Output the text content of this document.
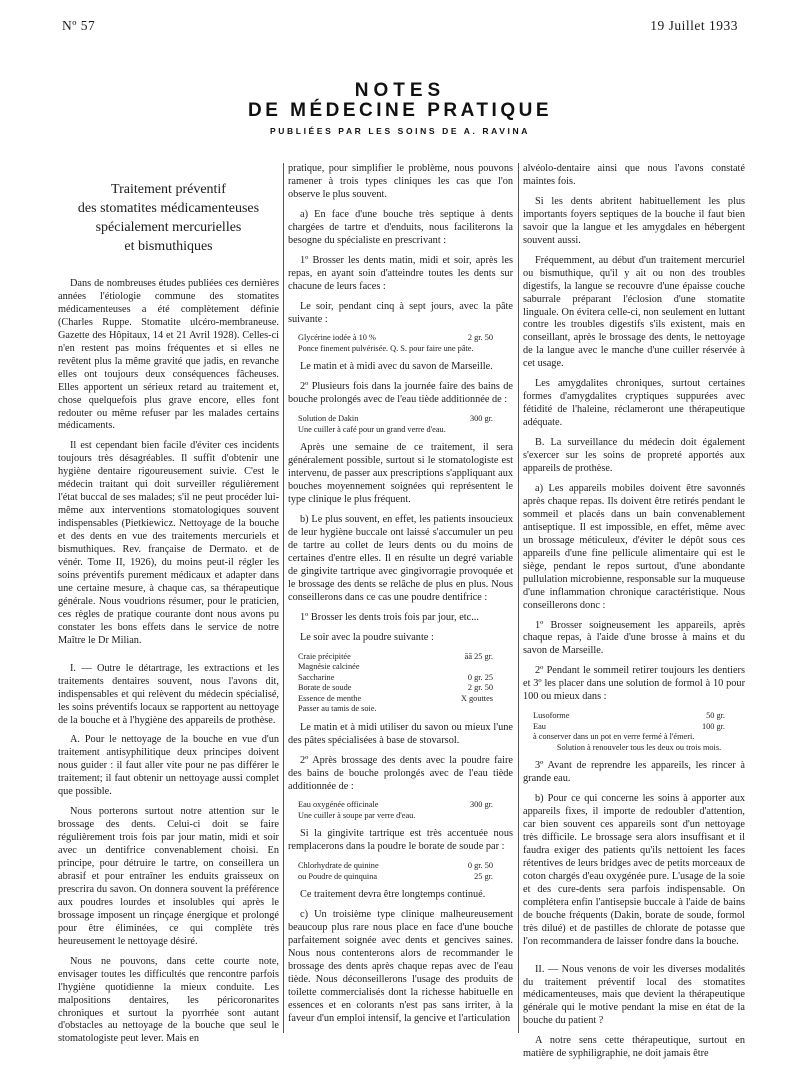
Nº 57	19 Juillet 1933
NOTES
DE MÉDECINE PRATIQUE
PUBLIÉES PAR LES SOINS DE A. RAVINA
Traitement préventif
des stomatites médicamenteuses
spécialement mercurielles
et bismuthiques

Dans de nombreuses études publiées ces dernières années l'étiologie commune des stomatites médicamenteuses a été complètement définie (Charles Ruppe. Stomatite ulcéro-membraneuse. Gazette des Hôpitaux, 14 et 21 Avril 1928). Celles-ci n'en restent pas moins fréquentes et si elles ne revêtent plus la même gravité que jadis, en revanche elles ont toujours deux conséquences fâcheuses. Elles apportent un sérieux retard au traitement et, chose quelquefois plus grave encore, elles font redouter ou même refuser par les malades certains médicaments.

Il est cependant bien facile d'éviter ces incidents toujours très désagréables. Il suffit d'obtenir une hygiène dentaire rigoureusement suivie. C'est le médecin traitant qui doit surveiller régulièrement l'état buccal de ses malades; s'il ne peut procéder lui-même aux interventions stomatologiques souvent indispensables (Pietkiewicz. Nettoyage de la bouche et des dents en vue des traitements mercuriels et bismuthiques. Rev. française de Dermato. et de vénér. Tome II, 1926), du moins peut-il régler les soins préventifs purement médicaux et adapter dans une certaine mesure, à chaque cas, sa thérapeutique générale. Nous voudrions résumer, pour le praticien, ces règles de pratique courante dont nous avons pu constater les bons effets dans le service de notre Maître le Dr Milian.

I. — Outre le détartrage, les extractions et les traitements dentaires souvent, nous l'avons dit, indispensables et qui relèvent du médecin spécialisé, les soins préventifs locaux se rapportent au nettoyage de la bouche et à l'hygiène des appareils de prothèse.

A. Pour le nettoyage de la bouche en vue d'un traitement antisyphilitique deux principes doivent nous guider : il faut aller vite pour ne pas différer le traitement; il faut obtenir un nettoyage aussi complet que possible.

Nous porterons surtout notre attention sur le brossage des dents. Celui-ci doit se faire régulièrement trois fois par jour matin, midi et soir avec un dentifrice convenablement choisi. En principe, pour détruire le tartre, on conseillera un abrasif et pour entraîner les enduits graisseux on prescrira du savon. On donnera souvent la préférence aux poudres lourdes et insolubles qui après le brossage imposent un rinçage énergique et prolongé pour être éliminées, ce qui complète très heureusement le nettoyage désiré.

Nous ne pouvons, dans cette courte note, envisager toutes les difficultés que rencontre parfois l'hygiène quotidienne la mieux conduite. Les malpositions dentaires, les péricoronarites chroniques et surtout la pyorrhée sont autant d'obstacles au nettoyage de la bouche que seul le stomatologiste peut lever. Mais en

pratique, pour simplifier le problème, nous pouvons ramener à trois types cliniques les cas que l'on observe le plus souvent.

a) En face d'une bouche très septique à dents chargées de tartre et d'enduits, nous faciliterons la besogne du spécialiste en prescrivant :

1º Brosser les dents matin, midi et soir, après les repas, en ayant soin d'atteindre toutes les dents sur chacune de leurs faces :

Le soir, pendant cinq à sept jours, avec la pâte suivante :

Glycérine iodée à 10 %	2 gr. 50
Ponce finement pulvérisée. Q. S. pour faire une pâte.

Le matin et à midi avec du savon de Marseille.

2º Plusieurs fois dans la journée faire des bains de bouche prolongés avec de l'eau tiède additionnée de :

Solution de Dakin	300 gr.
Une cuiller à café pour un grand verre d'eau.

Après une semaine de ce traitement, il sera généralement possible, surtout si le stomatologiste est intervenu, de passer aux prescriptions s'appliquant aux bouches moyennement soignées qui représentent le type clinique le plus fréquent.

b) Le plus souvent, en effet, les patients insoucieux de leur hygiène buccale ont laissé s'accumuler un peu de tartre au collet de leurs dents ou du moins de certaines d'entre elles. Il en résulte un degré variable de gingivite tartrique avec gingivorragie provoquée et le brossage des dents se relâche de plus en plus. Nous conseillerons dans ce cas une poudre dentifrice :

1º Brosser les dents trois fois par jour, etc...

Le soir avec la poudre suivante :

Craie précipitée	āā 25 gr.
Magnésie calcinée
Saccharine	0 gr. 25
Borate de soude	2 gr. 50
Essence de menthe	X gouttes
Passer au tamis de soie.

Le matin et à midi utiliser du savon ou mieux l'une des pâtes spécialisées à base de stovarsol.

2º Après brossage des dents avec la poudre faire des bains de bouche prolongés avec de l'eau tiède additionnée de :

Eau oxygénée officinale	300 gr.
Une cuiller à soupe par verre d'eau.

Si la gingivite tartrique est très accentuée nous remplacerons dans la poudre le borate de soude par :

Chlorhydrate de quinine	0 gr. 50
ou Poudre de quinquina	25 gr.

Ce traitement devra être longtemps continué.

c) Un troisième type clinique malheureusement beaucoup plus rare nous place en face d'une bouche parfaitement soignée avec dents et gencives saines. Nous nous contenterons alors de recommander le brossage des dents après chaque repas avec de l'eau tiède. Nous déconseillerons l'usage des produits de toilette commercialisés dont la richesse habituelle en essences et en colorants n'est pas sans irriter, à la faveur d'un emploi intensif, la gencive et l'articulation

alvéolo-dentaire ainsi que nous l'avons constaté maintes fois.

Si les dents abritent habituellement les plus importants foyers septiques de la bouche il faut bien savoir que la langue et les amygdales en hébergent souvent aussi.

Fréquemment, au début d'un traitement mercuriel ou bismuthique, qu'il y ait ou non des troubles digestifs, la langue se recouvre d'une épaisse couche saburrale préparant l'éclosion d'une stomatite linguale. On évitera celle-ci, non seulement en luttant contre les troubles digestifs s'ils existent, mais en conseillant, après le brossage des dents, le nettoyage de la langue avec le manche d'une cuiller réservée à cet usage.

Les amygdalites chroniques, surtout certaines formes d'amygdalites cryptiques suppurées avec fétidité de l'haleine, réclameront une thérapeutique adéquate.

B. La surveillance du médecin doit également s'exercer sur les soins de propreté apportés aux appareils de prothèse.

a) Les appareils mobiles doivent être savonnés après chaque repas. Ils doivent être retirés pendant le sommeil et placés dans un bain convenablement antiseptique. Il est impossible, en effet, même avec un brossage méticuleux, d'éviter le dépôt sous ces appareils d'une fine pellicule alimentaire qui est le siège, pendant le repos surtout, d'une abondante pullulation microbienne, responsable sur la muqueuse d'une inflammation chronique caractéristique. Nous conseillerons donc :

1º Brosser soigneusement les appareils, après chaque repas, à l'aide d'une brosse à mains et du savon de Marseille.

2º Pendant le sommeil retirer toujours les dentiers et 3º les placer dans une solution de formol à 10 pour 100 ou mieux dans :

Lusoforme	50 gr.
Eau	100 gr.
à conserver dans un pot en verre fermé à l'émeri.
Solution à renouveler tous les deux ou trois mois.

3º Avant de reprendre les appareils, les rincer à grande eau.

b) Pour ce qui concerne les soins à apporter aux appareils fixes, il importe de redoubler d'attention, car bien souvent ces appareils sont d'un nettoyage très difficile. Le brossage sera alors insuffisant et il faudra exiger des patients qu'ils nettoient les faces rétentives de leurs bridges avec de petits morceaux de coton chargés d'eau oxygénée pure. L'usage de la soie et des cure-dents sera parfois indispensable. On complétera enfin l'antisepsie buccale à l'aide de bains de bouche fréquents (Dakin, borate de soude, formol très dilué) et de pastilles de chlorate de potasse que l'on recommandera de laisser fondre dans la bouche.

II. — Nous venons de voir les diverses modalités du traitement préventif local des stomatites médicamenteuses, mais que devient la thérapeutique générale qui le motive pendant la mise en état de la bouche du patient ?

A notre sens cette thérapeutique, surtout en matière de syphiligraphie, ne doit jamais être
